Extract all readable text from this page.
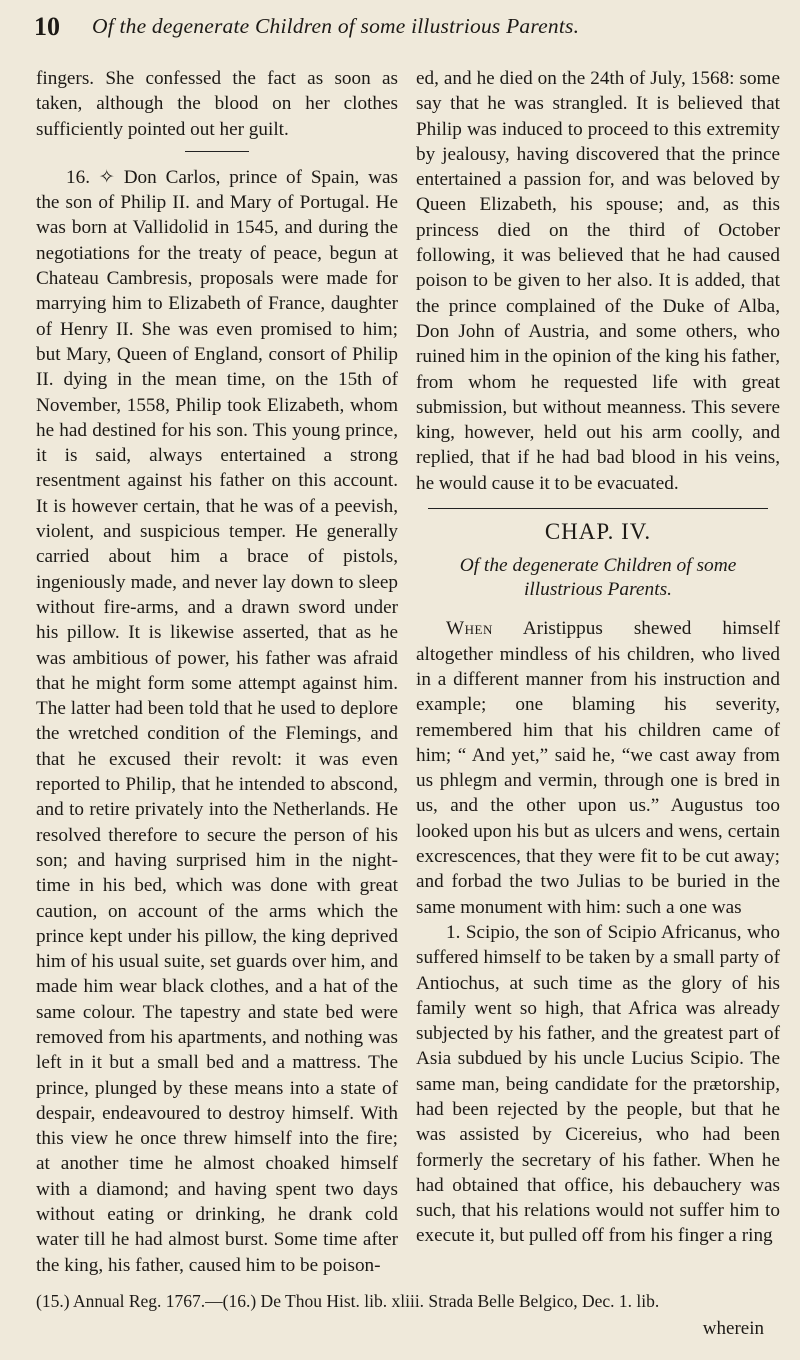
10 Of the degenerate Children of some illustrious Parents.

fingers. She confessed the fact as soon as taken, although the blood on her clothes sufficiently pointed out her guilt.

16. ✧ Don Carlos, prince of Spain, was the son of Philip II. and Mary of Portugal. He was born at Vallidolid in 1545, and during the negotiations for the treaty of peace, begun at Chateau Cambresis, proposals were made for marrying him to Elizabeth of France, daughter of Henry II. She was even promised to him; but Mary, Queen of England, consort of Philip II. dying in the mean time, on the 15th of November, 1558, Philip took Elizabeth, whom he had destined for his son. This young prince, it is said, always entertained a strong resentment against his father on this account. It is however certain, that he was of a peevish, violent, and suspicious temper. He generally carried about him a brace of pistols, ingeniously made, and never lay down to sleep without fire-arms, and a drawn sword under his pillow. It is likewise asserted, that as he was ambitious of power, his father was afraid that he might form some attempt against him. The latter had been told that he used to deplore the wretched condition of the Flemings, and that he excused their revolt: it was even reported to Philip, that he intended to abscond, and to retire privately into the Netherlands. He resolved therefore to secure the person of his son; and having surprised him in the night-time in his bed, which was done with great caution, on account of the arms which the prince kept under his pillow, the king deprived him of his usual suite, set guards over him, and made him wear black clothes, and a hat of the same colour. The tapestry and state bed were removed from his apartments, and nothing was left in it but a small bed and a mattress. The prince, plunged by these means into a state of despair, endeavoured to destroy himself. With this view he once threw himself into the fire; at another time he almost choaked himself with a diamond; and having spent two days without eating or drinking, he drank cold water till he had almost burst. Some time after the king, his father, caused him to be poison-

ed, and he died on the 24th of July, 1568: some say that he was strangled. It is believed that Philip was induced to proceed to this extremity by jealousy, having discovered that the prince entertained a passion for, and was beloved by Queen Elizabeth, his spouse; and, as this princess died on the third of October following, it was believed that he had caused poison to be given to her also. It is added, that the prince complained of the Duke of Alba, Don John of Austria, and some others, who ruined him in the opinion of the king his father, from whom he requested life with great submission, but without meanness. This severe king, however, held out his arm coolly, and replied, that if he had bad blood in his veins, he would cause it to be evacuated.

CHAP. IV.
Of the degenerate Children of some illustrious Parents.

When Aristippus shewed himself altogether mindless of his children, who lived in a different manner from his instruction and example; one blaming his severity, remembered him that his children came of him; “ And yet,” said he, “we cast away from us phlegm and vermin, through one is bred in us, and the other upon us.” Augustus too looked upon his but as ulcers and wens, certain excrescences, that they were fit to be cut away; and forbad the two Julias to be buried in the same monument with him: such a one was

1. Scipio, the son of Scipio Africanus, who suffered himself to be taken by a small party of Antiochus, at such time as the glory of his family went so high, that Africa was already subjected by his father, and the greatest part of Asia subdued by his uncle Lucius Scipio. The same man, being candidate for the prætorship, had been rejected by the people, but that he was assisted by Cicereius, who had been formerly the secretary of his father. When he had obtained that office, his debauchery was such, that his relations would not suffer him to execute it, but pulled off from his finger a ring

(15.) Annual Reg. 1767.—(16.) De Thou Hist. lib. xliii. Strada Belle Belgico, Dec. 1. lib.
wherein
